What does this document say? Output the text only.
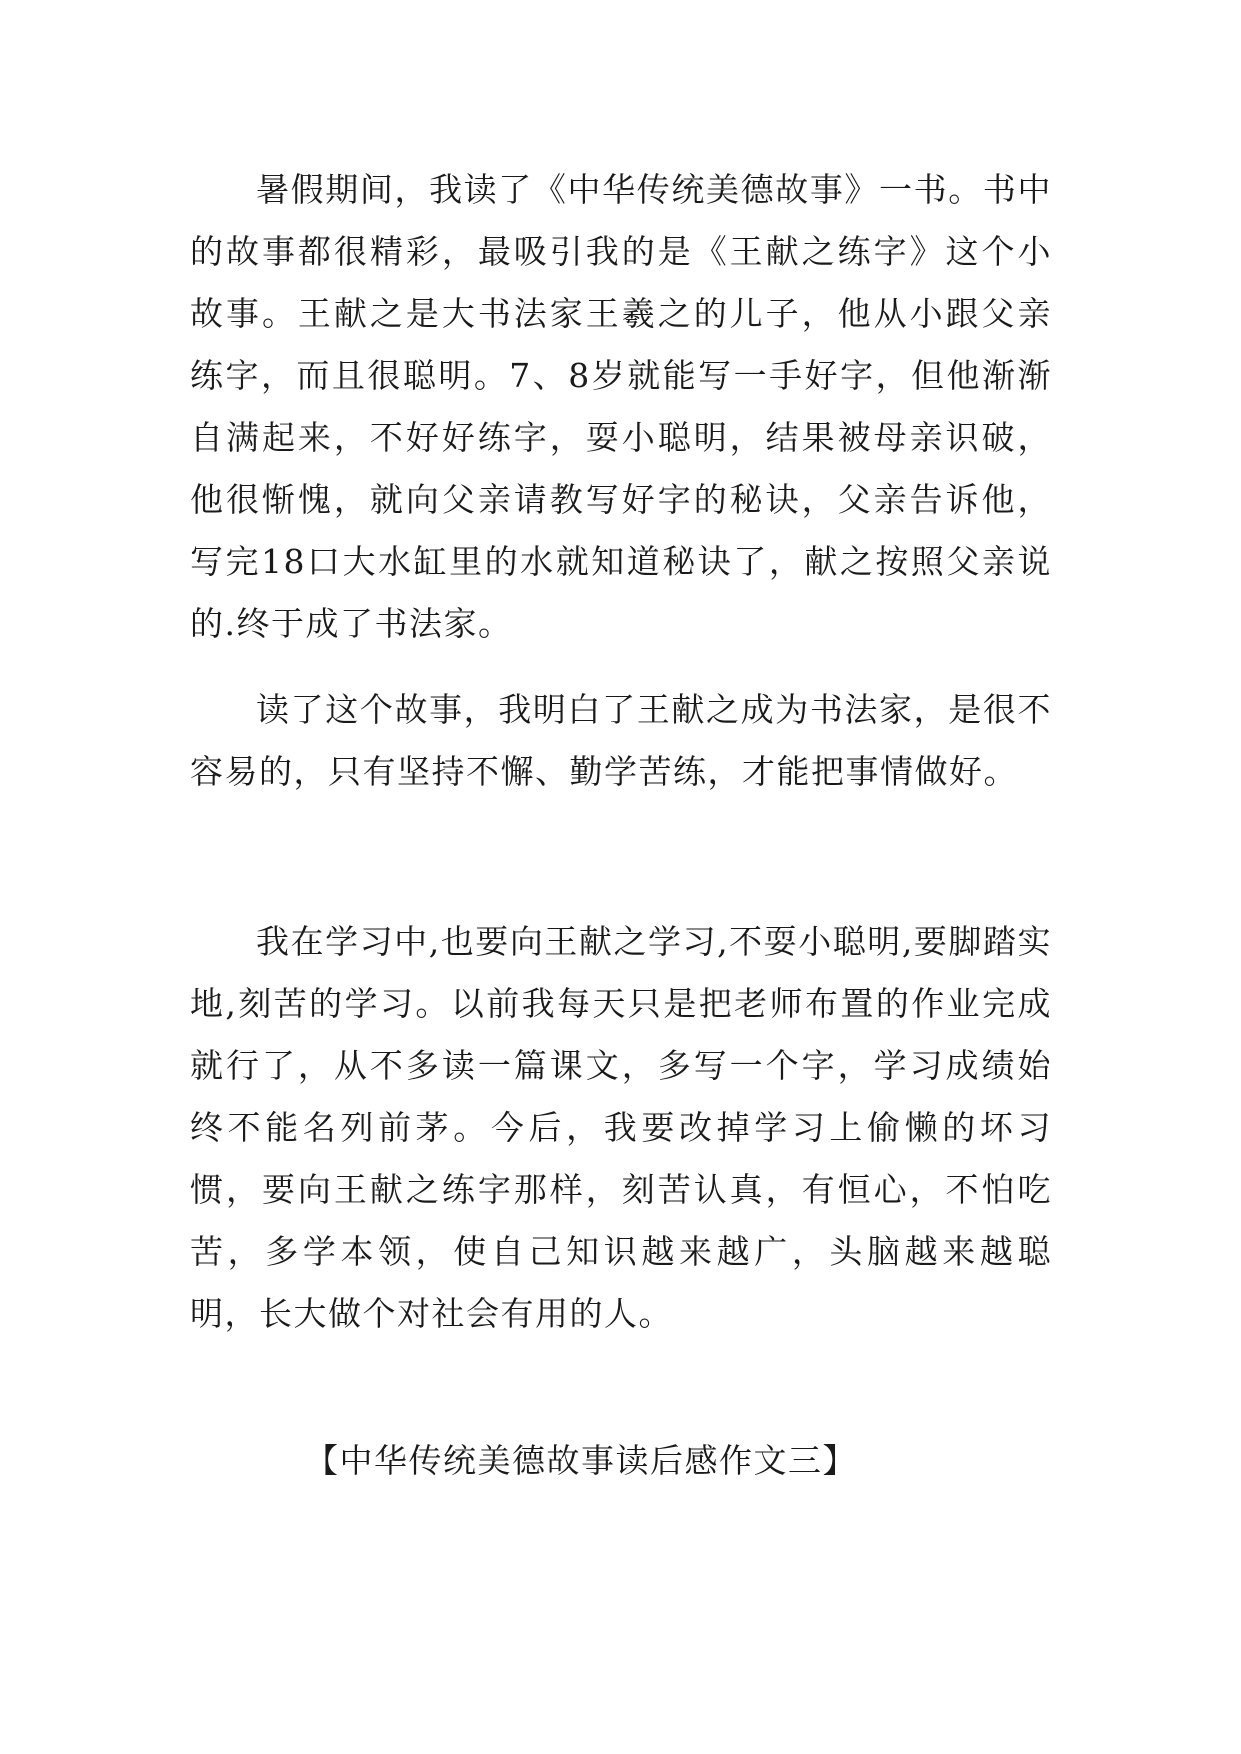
暑假期间，我读了《中华传统美德故事》一书。书中的故事都很精彩，最吸引我的是《王献之练字》这个小故事。王献之是大书法家王羲之的儿子，他从小跟父亲练字，而且很聪明。7、8岁就能写一手好字，但他渐渐自满起来，不好好练字，耍小聪明，结果被母亲识破，他很惭愧，就向父亲请教写好字的秘诀，父亲告诉他，写完18口大水缸里的水就知道秘诀了，献之按照父亲说的.终于成了书法家。

读了这个故事，我明白了王献之成为书法家，是很不容易的，只有坚持不懈、勤学苦练，才能把事情做好。

我在学习中,也要向王献之学习,不耍小聪明,要脚踏实地,刻苦的学习。以前我每天只是把老师布置的作业完成就行了，从不多读一篇课文，多写一个字，学习成绩始终不能名列前茅。今后，我要改掉学习上偷懒的坏习惯，要向王献之练字那样，刻苦认真，有恒心，不怕吃苦，多学本领，使自己知识越来越广，头脑越来越聪明，长大做个对社会有用的人。

【中华传统美德故事读后感作文三】
